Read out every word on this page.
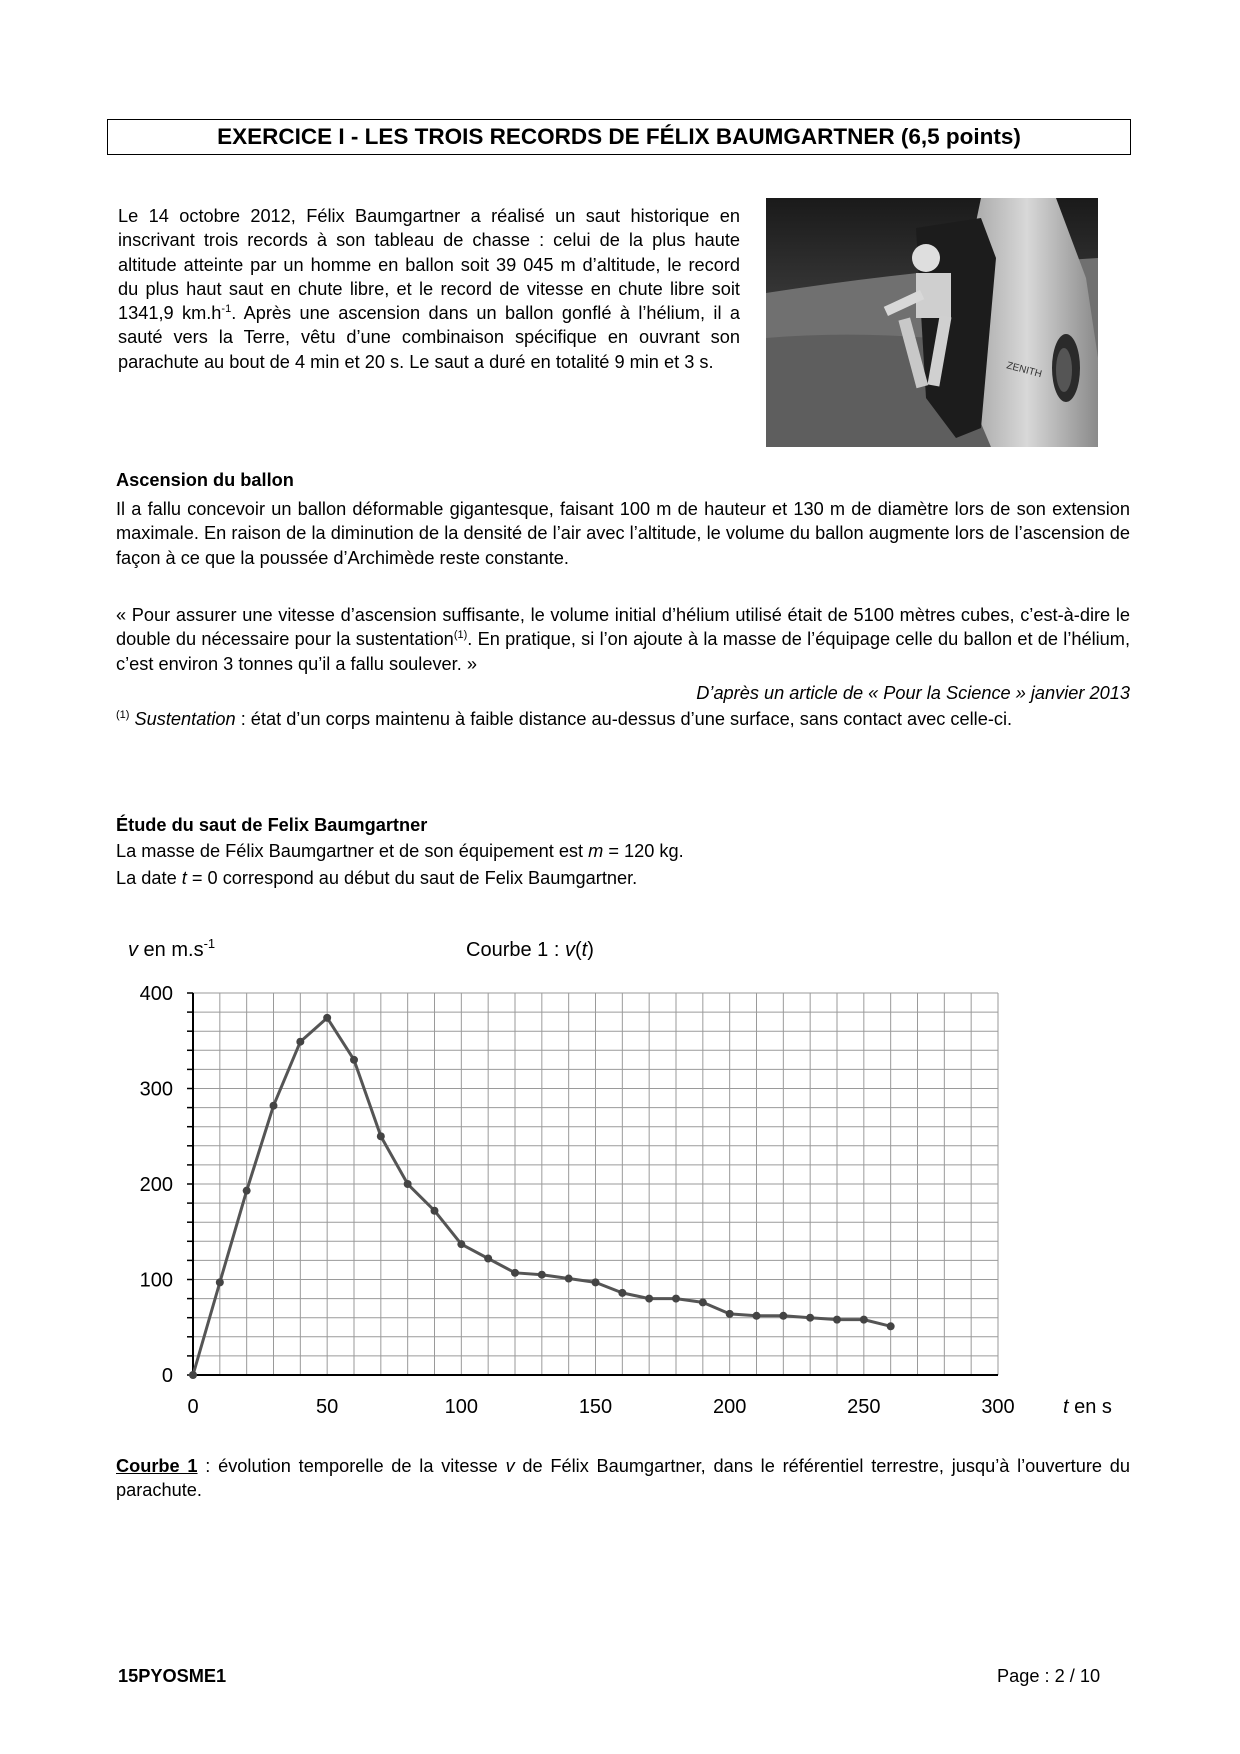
EXERCICE I - LES TROIS RECORDS DE FÉLIX BAUMGARTNER (6,5 points)

Le 14 octobre 2012, Félix Baumgartner a réalisé un saut historique en inscrivant trois records à son tableau de chasse : celui de la plus haute altitude atteinte par un homme en ballon soit 39 045 m d’altitude, le record du plus haut saut en chute libre, et le record de vitesse en chute libre soit 1341,9 $km.h^{-1}$. Après une ascension dans un ballon gonflé à l’hélium, il a sauté vers la Terre, vêtu d’une combinaison spécifique en ouvrant son parachute au bout de 4 min et 20 s. Le saut a duré en totalité 9 min et 3 s.	ZENITH
Ascension du ballon

Il a fallu concevoir un ballon déformable gigantesque, faisant 100 m de hauteur et 130 m de diamètre lors de son extension maximale. En raison de la diminution de la densité de l’air avec l’altitude, le volume du ballon augmente lors de l’ascension de façon à ce que la poussée d’Archimède reste constante.

« Pour assurer une vitesse d’ascension suffisante, le volume initial d’hélium utilisé était de 5100 mètres cubes, c’est-à-dire le double du nécessaire pour la sustentation$^{(1)}$. En pratique, si l’on ajoute à la masse de l’équipage celle du ballon et de l’hélium, c’est environ 3 tonnes qu’il a fallu soulever. »

D’après un article de « Pour la Science » janvier 2013

$^{(1)}$ Sustentation : état d’un corps maintenu à faible distance au-dessus d’une surface, sans contact avec celle-ci.

Étude du saut de Felix Baumgartner
La masse de Félix Baumgartner et de son équipement est m = 120 kg.
La date t = 0 correspond au début du saut de Felix Baumgartner.
0	50	100	150	200	250	300
0
100
200
300
400
v en $m.s^{-1}$	Courbe 1 : v(t)
t en s

Courbe 1 : évolution temporelle de la vitesse v de Félix Baumgartner, dans le référentiel terrestre, jusqu’à l’ouverture du parachute.

15PYOSME1	Page : 2 / 10
